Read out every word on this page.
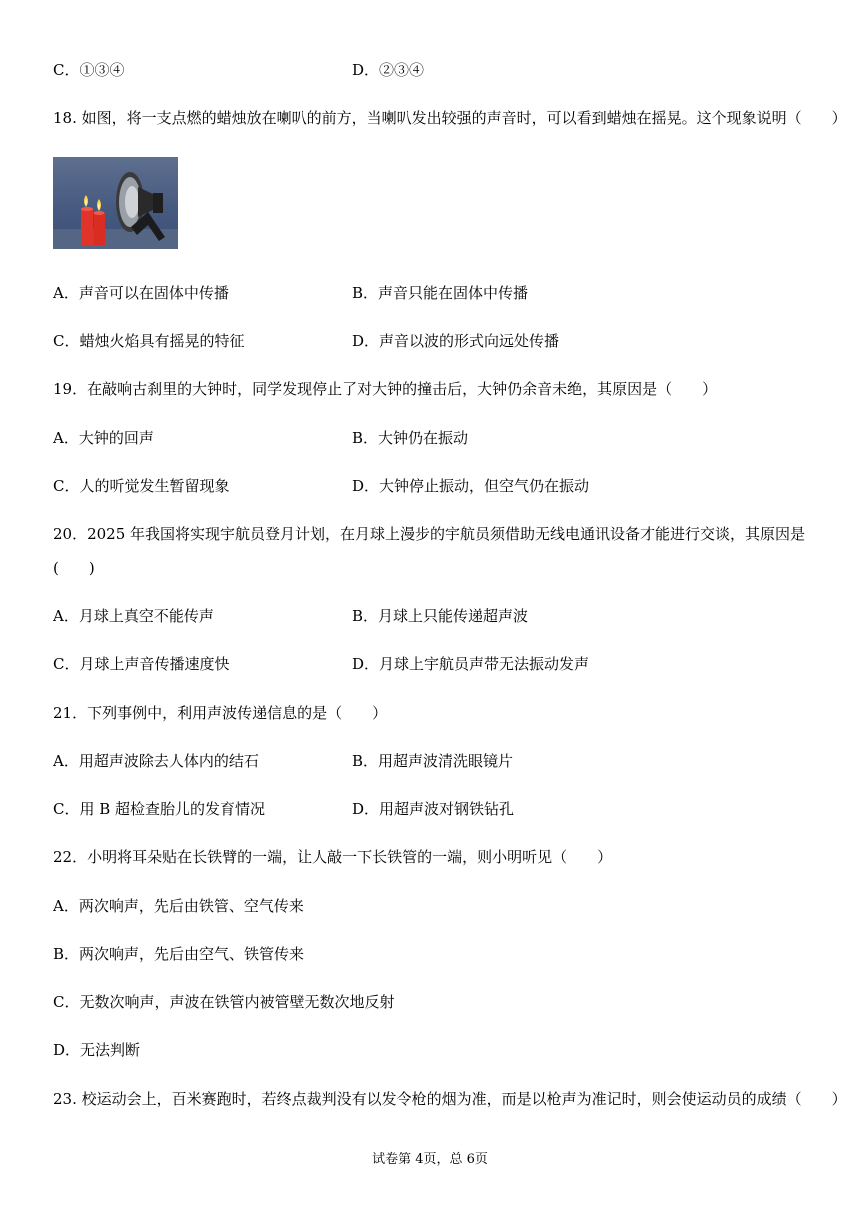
C．①③④	D．②③④
18. 如图，将一支点燃的蜡烛放在喇叭的前方，当喇叭发出较强的声音时，可以看到蜡烛在摇晃。这个现象说明（　　）
A．声音可以在固体中传播	B．声音只能在固体中传播
C．蜡烛火焰具有摇晃的特征	D．声音以波的形式向远处传播
19．在敲响古刹里的大钟时，同学发现停止了对大钟的撞击后，大钟仍余音未绝，其原因是（　　）
A．大钟的回声	B．大钟仍在振动
C．人的听觉发生暂留现象	D．大钟停止振动，但空气仍在振动
20．2025 年我国将实现宇航员登月计划，在月球上漫步的宇航员须借助无线电通讯设备才能进行交谈，其原因是
(　　)
A．月球上真空不能传声	B．月球上只能传递超声波
C．月球上声音传播速度快	D．月球上宇航员声带无法振动发声
21．下列事例中，利用声波传递信息的是（　　）
A．用超声波除去人体内的结石	B．用超声波清洗眼镜片
C．用 B 超检查胎儿的发育情况	D．用超声波对钢铁钻孔
22．小明将耳朵贴在长铁臂的一端，让人敲一下长铁管的一端，则小明听见（　　）
A．两次响声，先后由铁管、空气传来
B．两次响声，先后由空气、铁管传来
C．无数次响声，声波在铁管内被管壁无数次地反射
D．无法判断
23. 校运动会上，百米赛跑时，若终点裁判没有以发令枪的烟为准，而是以枪声为准记时，则会使运动员的成绩（　　）
试卷第 4页，总 6页
